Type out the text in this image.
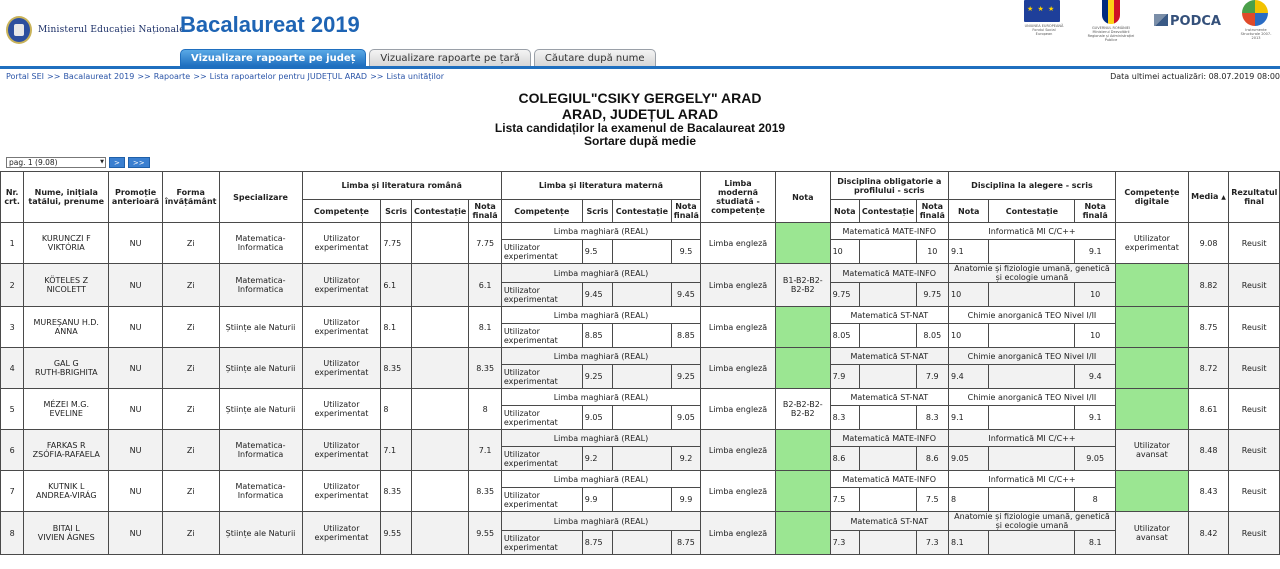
Ministerul Educației Naționale
Bacalaureat 2019
Vizualizare rapoarte pe județ	Vizualizare rapoarte pe țară	Căutare după nume
★ ★ ★
UNIUNEA EUROPEANĂ Fondul Social European
GUVERNUL ROMÂNIEI Ministerul Dezvoltării Regionale și Administrației Publice
PODCA
Instrumente Structurale 2007-2013
Portal SEI >> Bacalaureat 2019 >> Rapoarte >> Lista rapoartelor pentru JUDEȚUL ARAD >> Lista unităților	Data ultimei actualizări: 08.07.2019 08:00
COLEGIUL"CSIKY GERGELY" ARAD
ARAD, JUDEȚUL ARAD
Lista candidaților la examenul de Bacalaureat 2019
Sortare după medie
pag. 1 (9.08) ▼	>	>>
Nr. crt.	Nume, inițiala tatălui, prenume	Promoție anterioară	Forma învățământ	Specializare	Limba și literatura română				Limba și literatura maternă				Limba modernă studiată - competențe	Nota	Disciplina obligatorie a profilului - scris			Disciplina la alegere - scris			Competențe digitale	Media ▲	Rezultatul final
					Competențe	Scris	Contestație	Nota finală	Competențe	Scris	Contestație	Nota finală			Nota	Contestație	Nota finală	Nota	Contestație	Nota finală			
1	KURUNCZI F
VIKTÓRIA	NU	Zi	Matematica-Informatica	Utilizator experimentat	7.75		7.75	Limba maghiară (REAL)				Limba engleză		Matematică MATE-INFO			Informatică MI C/C++			Utilizator experimentat	9.08	Reusit
									Utilizator experimentat	9.5		9.5			10		10	9.1		9.1			
2	KÖTELES Z
NICOLETT	NU	Zi	Matematica-Informatica	Utilizator experimentat	6.1		6.1	Limba maghiară (REAL)				Limba engleză	B1-B2-B2-B2-B2	Matematică MATE-INFO			Anatomie și fiziologie umană, genetică și ecologie umană				8.82	Reusit
									Utilizator experimentat	9.45		9.45			9.75		9.75	10		10			
3	MUREȘANU H.D.
ANNA	NU	Zi	Științe ale Naturii	Utilizator experimentat	8.1		8.1	Limba maghiară (REAL)				Limba engleză		Matematică ST-NAT			Chimie anorganică TEO Nivel I/II				8.75	Reusit
									Utilizator experimentat	8.85		8.85			8.05		8.05	10		10			
4	GAL G
RUTH-BRIGHITA	NU	Zi	Științe ale Naturii	Utilizator experimentat	8.35		8.35	Limba maghiară (REAL)				Limba engleză		Matematică ST-NAT			Chimie anorganică TEO Nivel I/II				8.72	Reusit
									Utilizator experimentat	9.25		9.25			7.9		7.9	9.4		9.4			
5	MÉZEI M.G.
EVELINE	NU	Zi	Științe ale Naturii	Utilizator experimentat	8		8	Limba maghiară (REAL)				Limba engleză	B2-B2-B2-B2-B2	Matematică ST-NAT			Chimie anorganică TEO Nivel I/II				8.61	Reusit
									Utilizator experimentat	9.05		9.05			8.3		8.3	9.1		9.1			
6	FARKAS R
ZSÓFIA-RAFAELA	NU	Zi	Matematica-Informatica	Utilizator experimentat	7.1		7.1	Limba maghiară (REAL)				Limba engleză		Matematică MATE-INFO			Informatică MI C/C++			Utilizator avansat	8.48	Reusit
									Utilizator experimentat	9.2		9.2			8.6		8.6	9.05		9.05			
7	KUTNIK L
ANDREA-VIRÁG	NU	Zi	Matematica-Informatica	Utilizator experimentat	8.35		8.35	Limba maghiară (REAL)				Limba engleză		Matematică MATE-INFO			Informatică MI C/C++				8.43	Reusit
									Utilizator experimentat	9.9		9.9			7.5		7.5	8		8			
8	BITAI L
VIVIEN ÁGNES	NU	Zi	Științe ale Naturii	Utilizator experimentat	9.55		9.55	Limba maghiară (REAL)				Limba engleză		Matematică ST-NAT			Anatomie și fiziologie umană, genetică și ecologie umană			Utilizator avansat	8.42	Reusit
									Utilizator experimentat	8.75		8.75			7.3		7.3	8.1		8.1			
